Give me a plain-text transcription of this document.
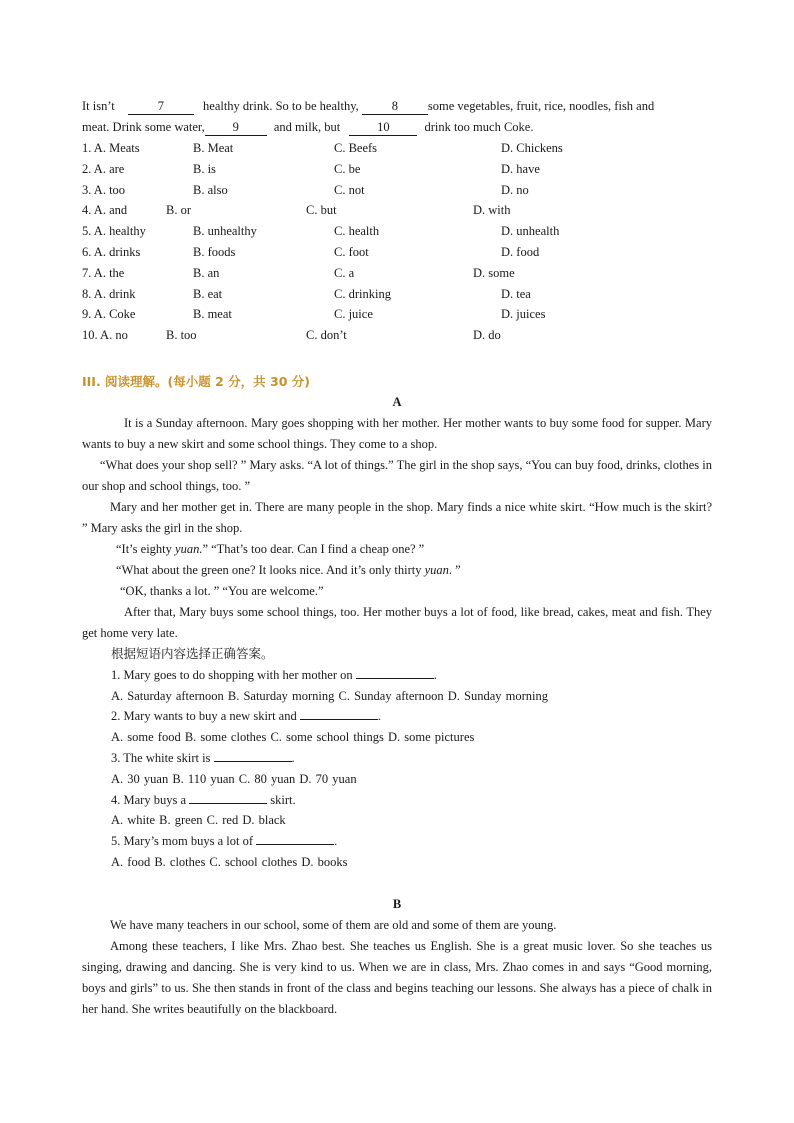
It isn’t	7	healthy drink. So to be healthy,	8 some vegetables, fruit, rice, noodles, fish and
meat. Drink some water, 9	and milk, but	10	drink too much Coke.
1. A. Meats	B. Meat	C. Beefs	D. Chickens
2. A. are	B. is	C. be	D. have
3. A. too	B. also	C. not	D. no
4. A. and	B. or	C. but	D. with
5. A. healthy	B. unhealthy	C. health	D. unhealth
6. A. drinks	B. foods	C. foot	D. food
7. A. the	B. an	C. a	D. some
8. A. drink	B. eat	C. drinking	D. tea
9. A. Coke	B. meat	C. juice	D. juices
10. A. no	B. too	C. don’t	D. do
III. 阅读理解。(每小题 2 分，共 30 分)
A
It is a Sunday afternoon. Mary goes shopping with her mother. Her mother wants to buy some food for supper. Mary wants to buy a new skirt and some school things. They come to a shop.
“What does your shop sell? ” Mary asks. “A lot of things.” The girl in the shop says, “You can buy food, drinks, clothes in our shop and school things, too. ”
Mary and her mother get in. There are many people in the shop. Mary finds a nice white skirt. “How much is the skirt? ” Mary asks the girl in the shop.
“It’s eighty yuan.” “That’s too dear. Can I find a cheap one? ”
“What about the green one? It looks nice. And it’s only thirty yuan. ”
“OK, thanks a lot. ” “You are welcome.”
After that, Mary buys some school things, too. Her mother buys a lot of food, like bread, cakes, meat and fish. They get home very late.
根据短语内容选择正确答案。
1. Mary goes to do shopping with her mother on	.
A. Saturday afternoon B. Saturday morning C. Sunday afternoon D. Sunday morning
2. Mary wants to buy a new skirt and	.
A. some food B. some clothes C. some school things D. some pictures
3. The white skirt is	.
A. 30 yuan B. 110 yuan C. 80 yuan D. 70 yuan
4. Mary buys a	skirt.
A. white B. green C. red D. black
5. Mary’s mom buys a lot of	.
A. food B. clothes C. school clothes D. books
B
We have many teachers in our school, some of them are old and some of them are young.
Among these teachers, I like Mrs. Zhao best. She teaches us English. She is a great music lover. So she teaches us singing, drawing and dancing. She is very kind to us. When we are in class, Mrs. Zhao comes in and says “Good morning, boys and girls” to us. She then stands in front of the class and begins teaching our lessons. She always has a piece of chalk in her hand. She writes beautifully on the blackboard.
